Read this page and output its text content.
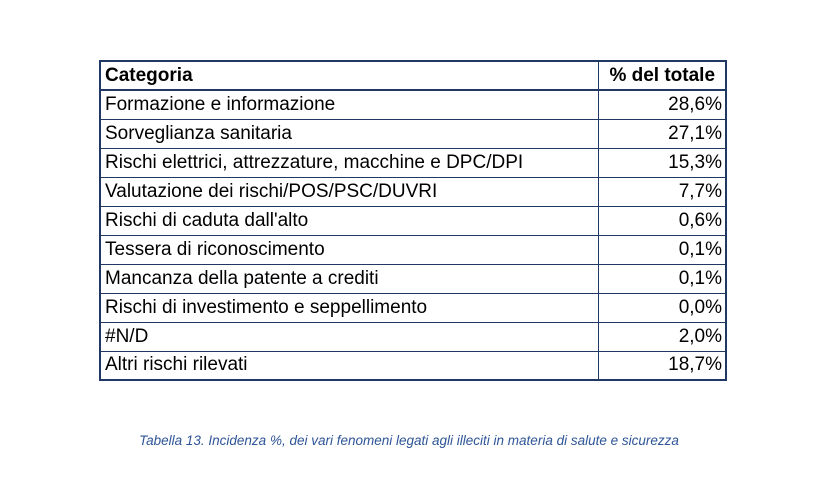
Categoria	% del totale
Formazione e informazione	28,6%
Sorveglianza sanitaria	27,1%
Rischi elettrici, attrezzature, macchine e DPC/DPI	15,3%
Valutazione dei rischi/POS/PSC/DUVRI	7,7%
Rischi di caduta dall'alto	0,6%
Tessera di riconoscimento	0,1%
Mancanza della patente a crediti	0,1%
Rischi di investimento e seppellimento	0,0%
#N/D	2,0%
Altri rischi rilevati	18,7%
Tabella 13. Incidenza %, dei vari fenomeni legati agli illeciti in materia di salute e sicurezza
